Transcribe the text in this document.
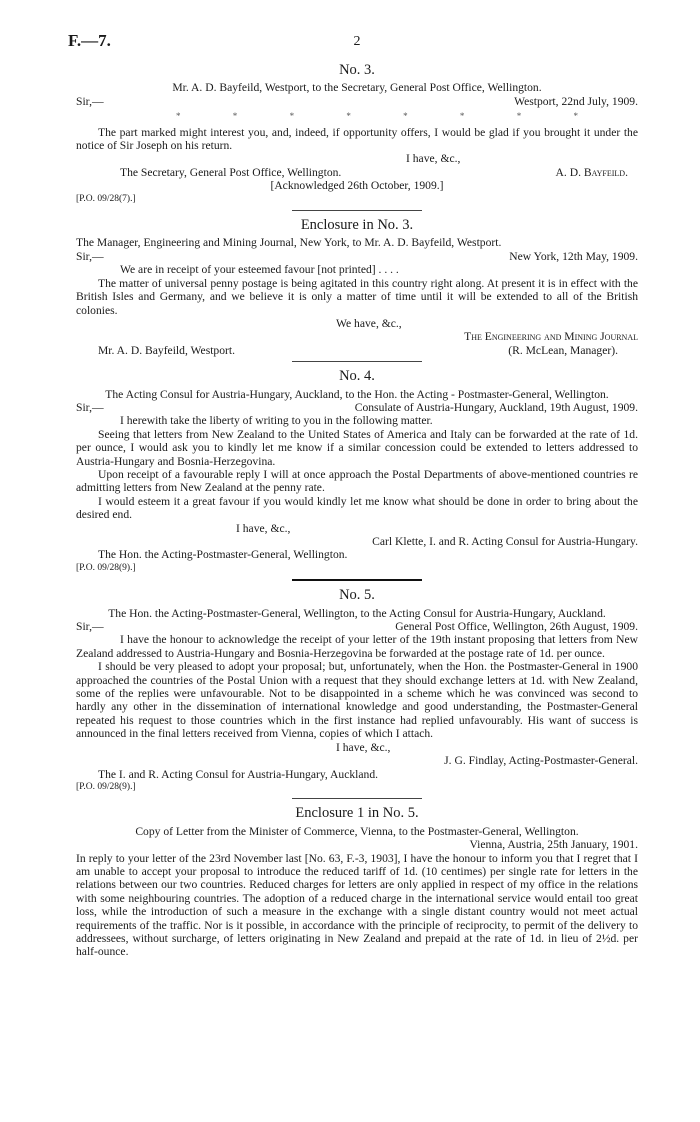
F.—7.	2
No. 3.
Mr. A. D. Bayfeild, Westport, to the Secretary, General Post Office, Wellington.
Sir,—	Westport, 22nd July, 1909.
*	*	*	*	*	*	*	*

The part marked might interest you, and, indeed, if opportunity offers, I would be glad if you brought it under the notice of Sir Joseph on his return.

I have, &c.,
The Secretary, General Post Office, Wellington.	A. D. Bayfeild.
[Acknowledged 26th October, 1909.]
[P.O. 09/28(7).]
Enclosure in No. 3.
The Manager, Engineering and Mining Journal, New York, to Mr. A. D. Bayfeild, Westport.
Sir,—	New York, 12th May, 1909.

We are in receipt of your esteemed favour [not printed] . . . .

The matter of universal penny postage is being agitated in this country right along. At present it is in effect with the British Isles and Germany, and we believe it is only a matter of time until it will be extended to all of the British colonies.

We have, &c.,
The Engineering and Mining Journal
Mr. A. D. Bayfeild, Westport.	(R. McLean, Manager).
No. 4.
The Acting Consul for Austria-Hungary, Auckland, to the Hon. the Acting - Postmaster-General, Wellington.
Sir,—	Consulate of Austria-Hungary, Auckland, 19th August, 1909.

I herewith take the liberty of writing to you in the following matter.

Seeing that letters from New Zealand to the United States of America and Italy can be forwarded at the rate of 1d. per ounce, I would ask you to kindly let me know if a similar concession could be extended to letters addressed to Austria-Hungary and Bosnia-Herzegovina.

Upon receipt of a favourable reply I will at once approach the Postal Departments of above-mentioned countries re admitting letters from New Zealand at the penny rate.

I would esteem it a great favour if you would kindly let me know what should be done in order to bring about the desired end.

I have, &c.,
Carl Klette, I. and R. Acting Consul for Austria-Hungary.
The Hon. the Acting-Postmaster-General, Wellington.
[P.O. 09/28(9).]
No. 5.
The Hon. the Acting-Postmaster-General, Wellington, to the Acting Consul for Austria-Hungary, Auckland.
Sir,—	General Post Office, Wellington, 26th August, 1909.

I have the honour to acknowledge the receipt of your letter of the 19th instant proposing that letters from New Zealand addressed to Austria-Hungary and Bosnia-Herzegovina be forwarded at the postage rate of 1d. per ounce.

I should be very pleased to adopt your proposal; but, unfortunately, when the Hon. the Postmaster-General in 1900 approached the countries of the Postal Union with a request that they should exchange letters at 1d. with New Zealand, some of the replies were unfavourable. Not to be disappointed in a scheme which he was convinced was second to hardly any other in the dissemination of international knowledge and good understanding, the Postmaster-General repeated his request to those countries which in the first instance had replied unfavourably. His want of success is announced in the final letters received from Vienna, copies of which I attach.

I have, &c.,
J. G. Findlay, Acting-Postmaster-General.
The I. and R. Acting Consul for Austria-Hungary, Auckland.
[P.O. 09/28(9).]
Enclosure 1 in No. 5.
Copy of Letter from the Minister of Commerce, Vienna, to the Postmaster-General, Wellington.
Vienna, Austria, 25th January, 1901.

In reply to your letter of the 23rd November last [No. 63, F.-3, 1903], I have the honour to inform you that I regret that I am unable to accept your proposal to introduce the reduced tariff of 1d. (10 centimes) per single rate for letters in the relations between our two countries. Reduced charges for letters are only applied in respect of my office in the relations with some neighbouring countries. The adoption of a reduced charge in the international service would entail too great loss, while the introduction of such a measure in the exchange with a single distant country would not meet actual requirements of the traffic. Nor is it possible, in accordance with the principle of reciprocity, to permit of the delivery to addressees, without surcharge, of letters originating in New Zealand and prepaid at the rate of 1d. in lieu of 2½d. per half-ounce.
